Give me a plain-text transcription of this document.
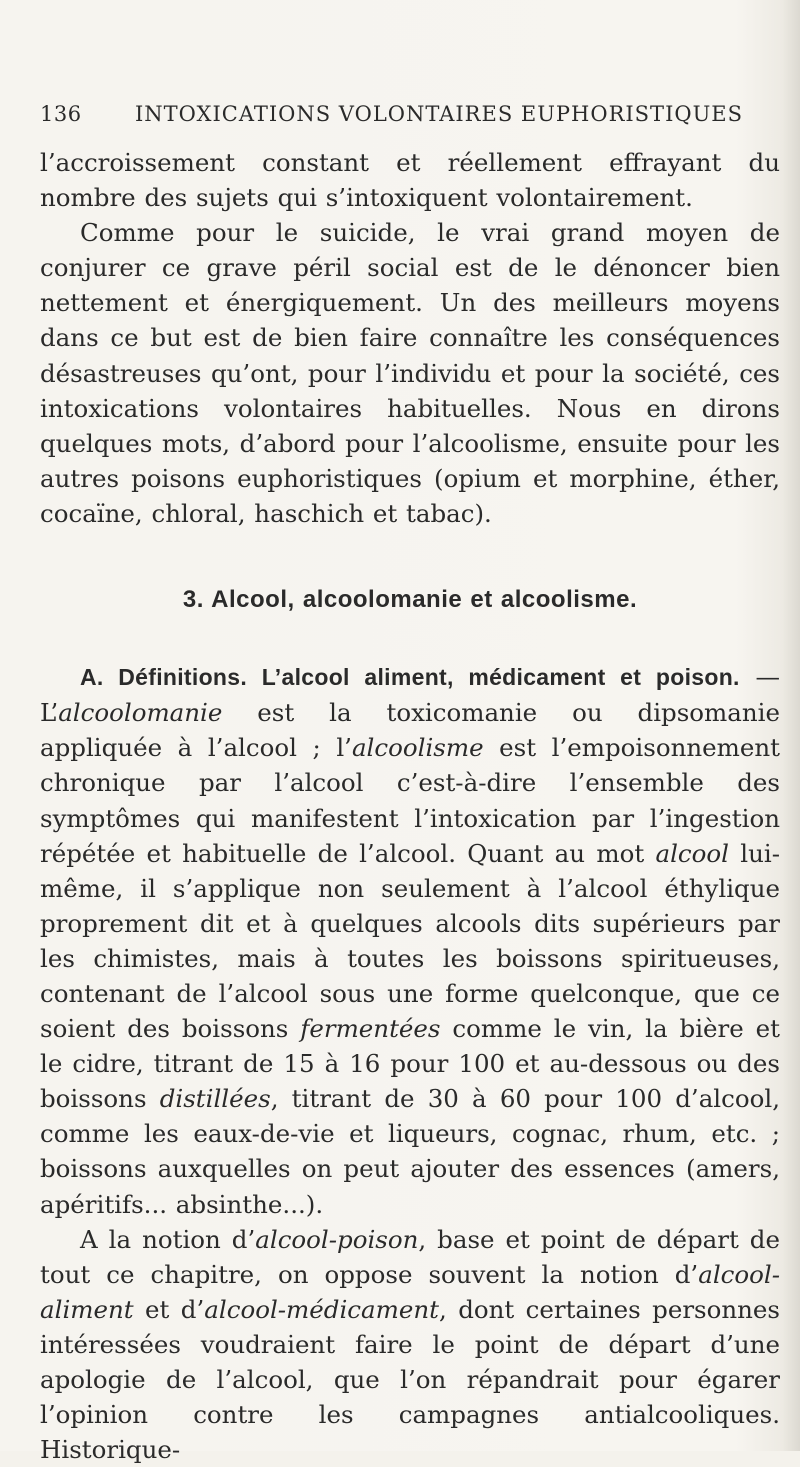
136	INTOXICATIONS VOLONTAIRES EUPHORISTIQUES

l’accroissement constant et réellement effrayant du nombre des sujets qui s’intoxiquent volontairement.

Comme pour le suicide, le vrai grand moyen de conjurer ce grave péril social est de le dénoncer bien nettement et énergiquement. Un des meilleurs moyens dans ce but est de bien faire connaître les conséquences désastreuses qu’ont, pour l’individu et pour la société, ces intoxications volontaires habituelles. Nous en dirons quelques mots, d’abord pour l’alcoolisme, ensuite pour les autres poisons euphoristiques (opium et morphine, éther, cocaïne, chloral, haschich et tabac).

3. Alcool, alcoolomanie et alcoolisme.

A. Définitions. L’alcool aliment, médicament et poison. — L’alcoolomanie est la toxicomanie ou dipsomanie appliquée à l’alcool ; l’alcoolisme est l’empoisonnement chronique par l’alcool c’est-à-dire l’ensemble des symptômes qui manifestent l’intoxication par l’ingestion répétée et habituelle de l’alcool. Quant au mot alcool lui-même, il s’applique non seulement à l’alcool éthylique proprement dit et à quelques alcools dits supérieurs par les chimistes, mais à toutes les boissons spiritueuses, contenant de l’alcool sous une forme quelconque, que ce soient des boissons fermentées comme le vin, la bière et le cidre, titrant de 15 à 16 pour 100 et au-dessous ou des boissons distillées, titrant de 30 à 60 pour 100 d’alcool, comme les eaux-de-vie et liqueurs, cognac, rhum, etc. ; boissons auxquelles on peut ajouter des essences (amers, apéritifs... absinthe...).

A la notion d’alcool-poison, base et point de départ de tout ce chapitre, on oppose souvent la notion d’alcool-aliment et d’alcool-médicament, dont certaines personnes intéressées voudraient faire le point de départ d’une apologie de l’alcool, que l’on répandrait pour égarer l’opinion contre les campagnes antialcooliques. Historique-
